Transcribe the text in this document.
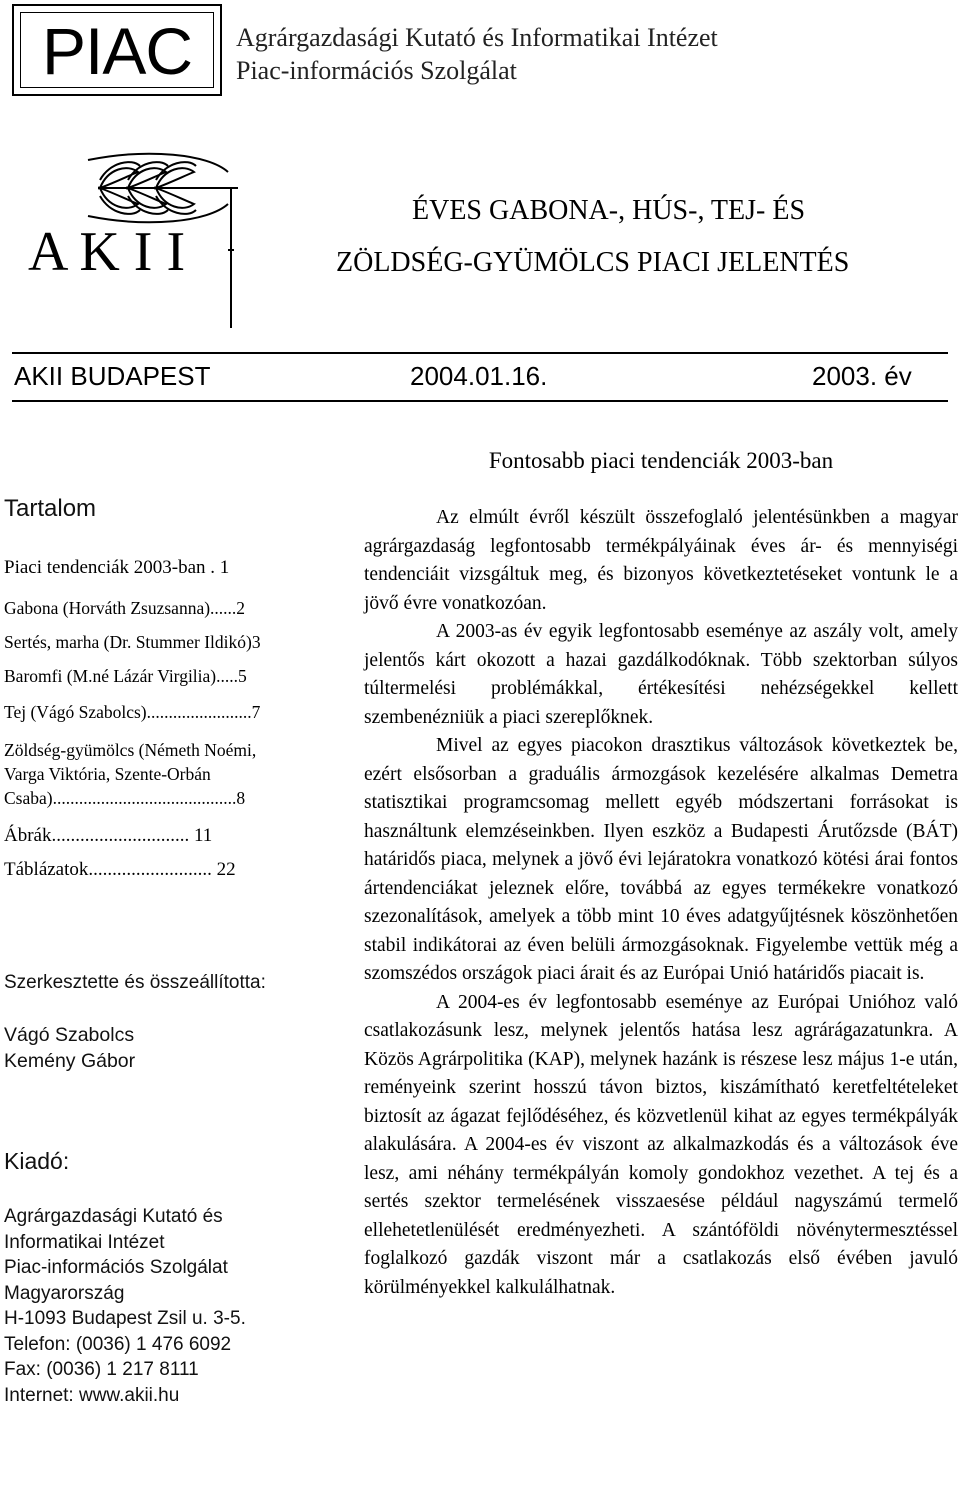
PIAC	Agrárgazdasági Kutató és Informatikai Intézet
Piac-információs Szolgálat
A K I I
ÉVES GABONA-, HÚS-, TEJ- ÉS
ZÖLDSÉG-GYÜMÖLCS PIACI JELENTÉS
AKII BUDAPEST	2004.01.16.	2003. év
Tartalom
Piaci tendenciák 2003-ban . 1
Gabona (Horváth Zsuzsanna)......2
Sertés, marha (Dr. Stummer Ildikó)3
Baromfi (M.né Lázár Virgilia).....5
Tej (Vágó Szabolcs)........................7
Zöldség-gyümölcs (Németh Noémi,
Varga Viktória, Szente-Orbán
Csaba)..........................................8
Ábrák............................. 11
Táblázatok.......................... 22
Szerkesztette és összeállította:
Vágó Szabolcs
Kemény Gábor
Kiadó:
Agrárgazdasági Kutató és
Informatikai Intézet
Piac-információs Szolgálat
Magyarország
H-1093 Budapest Zsil u. 3-5.
Telefon: (0036) 1 476 6092
Fax: (0036) 1 217 8111
Internet: www.akii.hu
Fontosabb piaci tendenciák 2003-ban

Az elmúlt évről készült összefoglaló jelentésünkben a magyar agrárgazdaság legfontosabb termékpályáinak éves ár- és mennyiségi tendenciáit vizsgáltuk meg, és bizonyos következtetéseket vontunk le a jövő évre vonatkozóan.

A 2003-as év egyik legfontosabb eseménye az aszály volt, amely jelentős kárt okozott a hazai gazdálkodóknak. Több szektorban súlyos túltermelési problémákkal, értékesítési nehézségekkel kellett szembenézniük a piaci szereplőknek.

Mivel az egyes piacokon drasztikus változások következtek be, ezért elsősorban a graduális ármozgások kezelésére alkalmas Demetra statisztikai programcsomag mellett egyéb módszertani forrásokat is használtunk elemzéseinkben. Ilyen eszköz a Budapesti Árutőzsde (BÁT) határidős piaca, melynek a jövő évi lejáratokra vonatkozó kötési árai fontos ártendenciákat jeleznek előre, továbbá az egyes termékekre vonatkozó szezonalítások, amelyek a több mint 10 éves adatgyűjtésnek köszönhetően stabil indikátorai az éven belüli ármozgásoknak. Figyelembe vettük még a szomszédos országok piaci árait és az Európai Unió határidős piacait is.

A 2004-es év legfontosabb eseménye az Európai Unióhoz való csatlakozásunk lesz, melynek jelentős hatása lesz agrárágazatunkra. A Közös Agrárpolitika (KAP), melynek hazánk is részese lesz május 1-e után, reményeink szerint hosszú távon biztos, kiszámítható keretfeltételeket biztosít az ágazat fejlődéséhez, és közvetlenül kihat az egyes termékpályák alakulására. A 2004-es év viszont az alkalmazkodás és a változások éve lesz, ami néhány termékpályán komoly gondokhoz vezethet. A tej és a sertés szektor termelésének visszaesése például nagyszámú termelő ellehetetlenülését eredményezheti. A szántóföldi növénytermesztéssel foglalkozó gazdák viszont már a csatlakozás első évében javuló körülményekkel kalkulálhatnak.
